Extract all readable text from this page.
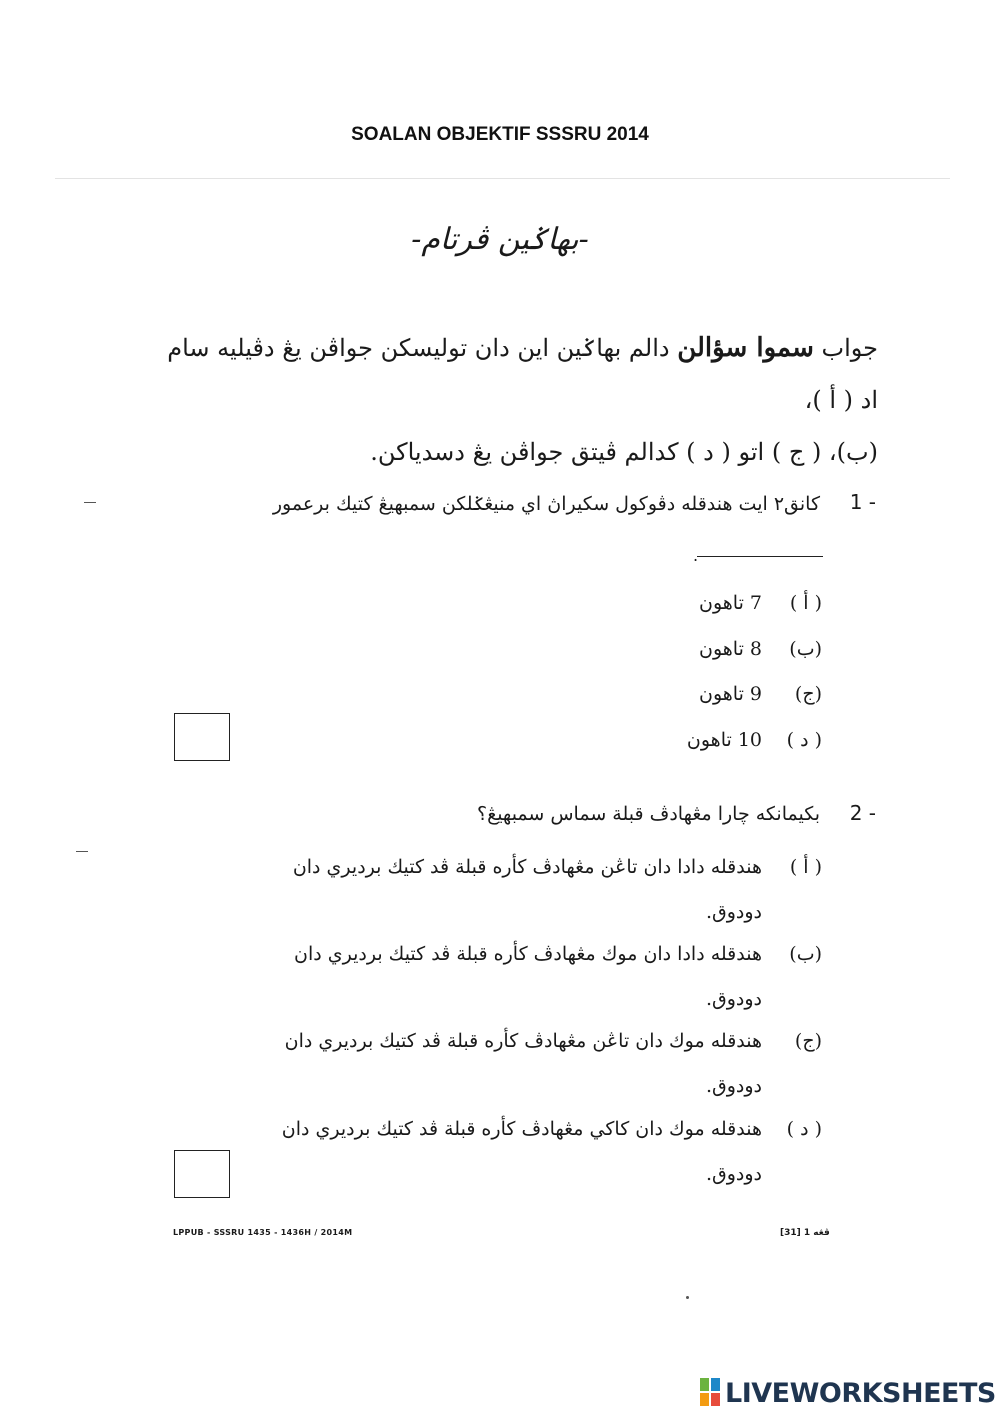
SOALAN OBJEKTIF SSSRU 2014
-بهاݢين ڤرتام-
جواب سموا سؤالن دالم بهاݢين اين دان توليسكن جواڤن يڠ دڤيليه سام اد ( أ )،
(ب)، ( ج ) اتو ( د ) كدالم ڤيتق جواڤن يڠ دسدياكن.
1 -
كانق٢ ايت هندقله دڤوكول سكيراڽ اي منيڠݢلكن سمبهيڠ كتيك برعمور
.
( أ )
7 تاهون
(ب)
8 تاهون
(ج)
9 تاهون
( د )
10 تاهون
2 -
بكيمانكه چارا مڠهادڤ قبلة سماس سمبهيڠ؟
( أ )
هندقله دادا دان تاڠن مڠهادڤ كأره قبلة ڤد كتيك برديري دان
دودوق.
(ب)
هندقله دادا دان موك مڠهادڤ كأره قبلة ڤد كتيك برديري دان
دودوق.
(ج)
هندقله موك دان تاڠن مڠهادڤ كأره قبلة ڤد كتيك برديري دان
دودوق.
( د )
هندقله موك دان كاكي مڠهادڤ كأره قبلة ڤد كتيك برديري دان
دودوق.
LPPUB - SSSRU 1435 - 1436H / 2014M	[31] ڤڠه 1
LIVEWORKSHEETS
